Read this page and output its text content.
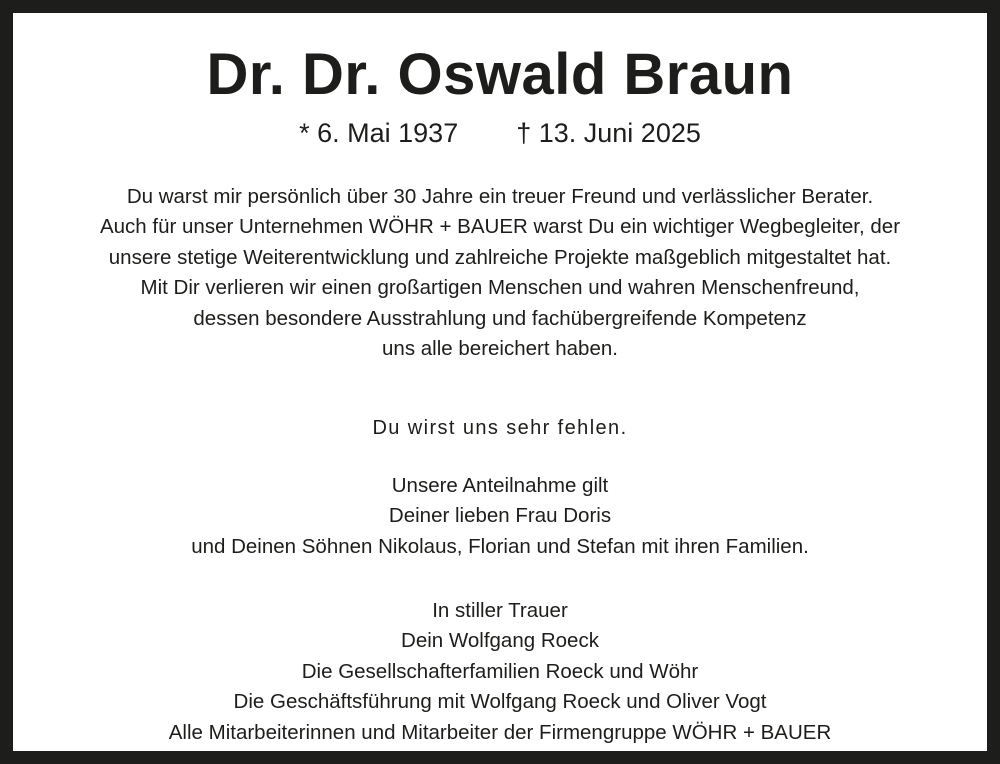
Dr. Dr. Oswald Braun
* 6. Mai 1937 † 13. Juni 2025
Du warst mir persönlich über 30 Jahre ein treuer Freund und verlässlicher Berater.
Auch für unser Unternehmen WÖHR + BAUER warst Du ein wichtiger Wegbegleiter, der
unsere stetige Weiterentwicklung und zahlreiche Projekte maßgeblich mitgestaltet hat.
Mit Dir verlieren wir einen großartigen Menschen und wahren Menschenfreund,
dessen besondere Ausstrahlung und fachübergreifende Kompetenz
uns alle bereichert haben.
Du wirst uns sehr fehlen.
Unsere Anteilnahme gilt
Deiner lieben Frau Doris
und Deinen Söhnen Nikolaus, Florian und Stefan mit ihren Familien.
In stiller Trauer
Dein Wolfgang Roeck
Die Gesellschafterfamilien Roeck und Wöhr
Die Geschäftsführung mit Wolfgang Roeck und Oliver Vogt
Alle Mitarbeiterinnen und Mitarbeiter der Firmengruppe WÖHR + BAUER
